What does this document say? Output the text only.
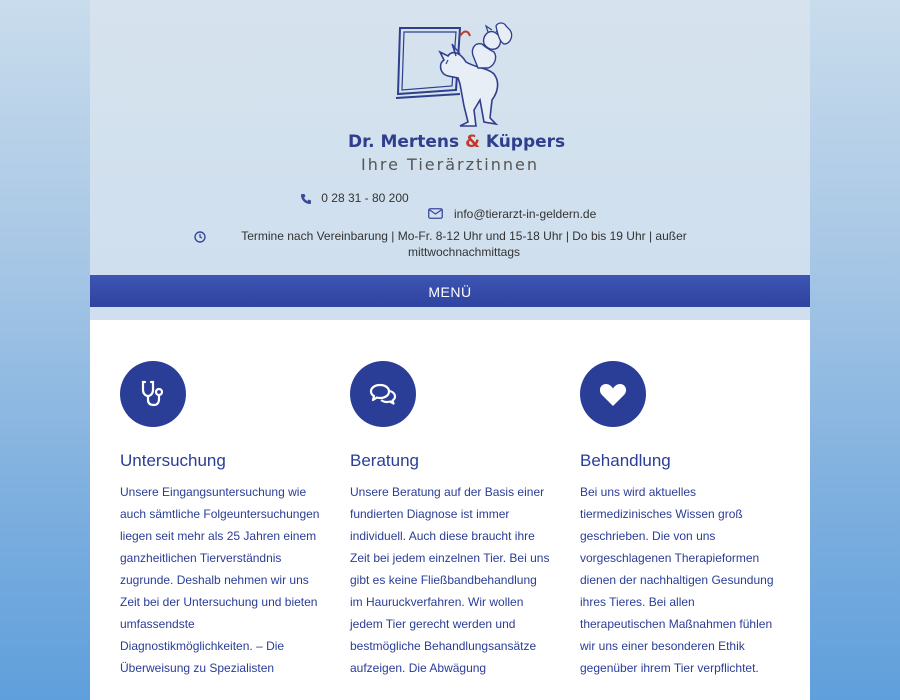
Dr. Mertens & Küppers
Ihre Tierärztinnen
0 28 31 - 80 200
info@tierarzt-in-geldern.de
Termine nach Vereinbarung | Mo-Fr. 8-12 Uhr und 15-18 Uhr | Do bis 19 Uhr | außer mittwochnachmittags
MENÜ
Untersuchung

Unsere Eingangsuntersuchung wie auch sämtliche Folgeuntersuchungen liegen seit mehr als 25 Jahren einem ganzheitlichen Tierverständnis zugrunde. Deshalb nehmen wir uns Zeit bei der Untersuchung und bieten umfassendste Diagnostikmöglichkeiten. – Die Überweisung zu Spezialisten

Beratung

Unsere Beratung auf der Basis einer fundierten Diagnose ist immer individuell. Auch diese braucht ihre Zeit bei jedem einzelnen Tier. Bei uns gibt es keine Fließbandbehandlung im Hauruckverfahren. Wir wollen jedem Tier gerecht werden und bestmögliche Behandlungsansätze aufzeigen. Die Abwägung

Behandlung

Bei uns wird aktuelles tiermedizinisches Wissen groß geschrieben. Die von uns vorgeschlagenen Therapieformen dienen der nachhaltigen Gesundung ihres Tieres. Bei allen therapeutischen Maßnahmen fühlen wir uns einer besonderen Ethik gegenüber ihrem Tier verpflichtet.
